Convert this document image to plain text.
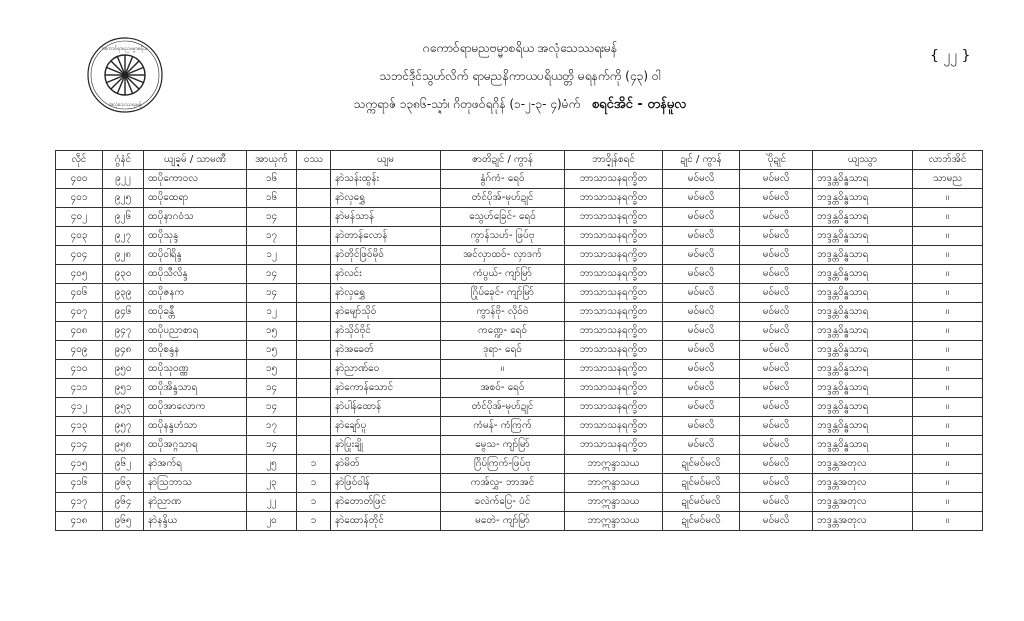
ဂကောဝ်ရာမညဗမ္မာစရိယ
အလုံသေဿရးမန်
ဂကောဝ်ရာမညဗမ္မာစရိယ အလုံသေဿရးမန်
သဘင်ဒဵုၚ်သွဟ်လိက် ရာမညနိကာယပရိယတ္တိ မရနက်ကို (၄၃) ဝါ
သက္ကရာဇ် ၁၃၈၆-သ္ဍာံ၊ ဂိတုဖဝ်ရဂိုန် (၁-၂-၃- ၄)မံက် စရင်အိင် - တန်မူလ
{ ၂၂ }
လဵုင်	ဂွံနံင်	ယျခ္ဍမ် / သာမဏီ	အာယုက်	ဝဿ	ယျမ	ဇာတိဍုင် / ကွာန်	ဘာဝ္ဍိုန်စရင်	ဍုင် / ကွာန်	ပိုဲဍုင်	ယျဿွာ	လာဘ်အိင်
၄၀၀	၉၂၂	ထပိုကောဝလ	၁၆		နာဲသန်းထွန်း	နွံဂ်ကံ- ရေဝ်	ဘာသာသနရက္ခိတ	မဝ်မလိ	မဝ်မလိ	ဘဒ္ဒန္တဝိန္ဓသာရ	သာမည
၄၀၁	၉၂၅	ထပိုထေရာ	၁၆		နာဲလှရွှေ	တံင်ပိုအ်-မုဟ်ဍုင်	ဘာသာသနရက္ခိတ	မဝ်မလိ	မဝ်မလိ	ဘဒ္ဒန္တဝိန္ဓသာရ	။
၄၀၂	၉၂၆	ထပိုနာဂဝံသ	၁၄		နာဲမန်သာန်	သွေဟ်ခြေင်- ရေဝ်	ဘာသာသနရက္ခိတ	မဝ်မလိ	မဝ်မလိ	ဘဒ္ဒန္တဝိန္ဓသာရ	။
၄၀၃	၉၂၇	ထပိုသုန္ဒ	၁၇		နာဲတာန်လောန်	ကွာန်သဟ်- ဖြပ်ဗု	ဘာသာသနရက္ခိတ	မဝ်မလိ	မဝ်မလိ	ဘဒ္ဒန္တဝိန္ဓသာရ	။
၄၀၄	၉၂၈	ထပိုဝါရိန္ဒ	၁၂		နာဲတိုင်ဖြဝ်မိုဝ်	အင်လှာထဝ်- လှာဒက်	ဘာသာသနရက္ခိတ	မဝ်မလိ	မဝ်မလိ	ဘဒ္ဒန္တဝိန္ဓသာရ	။
၄၀၅	၉၃၀	ထပိုသီလိန္ဒ	၁၄		နာဲလင်း	ကံပွယ်- ကျာ်မြာ်	ဘာသာသနရက္ခိတ	မဝ်မလိ	မဝ်မလိ	ဘဒ္ဒန္တဝိန္ဓသာရ	။
၄၀၆	၉၃၉	ထပိုဇနက	၁၄		နာဲလှရွှေ	ဂြိုပ်ခေုင်- ကျာ်မြာ်	ဘာသာသနရက္ခိတ	မဝ်မလိ	မဝ်မလိ	ဘဒ္ဒန္တဝိန္ဓသာရ	။
၄၀၇	၉၄၆	ထပိုခန္တီ	၁၂		နာဲမျော်သိုဝ်	ကွာန်ဗို- လိုဝ်ဗဲ	ဘာသာသနရက္ခိတ	မဝ်မလိ	မဝ်မလိ	ဘဒ္ဒန္တဝိန္ဓသာရ	။
၄၀၈	၉၄၇	ထပိုပညာစာရ	၁၅		နာဲသိုဝ်ဗိုင်	ကဏ္ဍေ- ရေဝ်	ဘာသာသနရက္ခိတ	မဝ်မလိ	မဝ်မလိ	ဘဒ္ဒန္တဝိန္ဓသာရ	။
၄၀၉	၉၄၈	ထပိုစန္ဒန	၁၅		နာဲအခေတ်	ဒုရာ- ရေဝ်	ဘာသာသနရက္ခိတ	မဝ်မလိ	မဝ်မလိ	ဘဒ္ဒန္တဝိန္ဓသာရ	။
၄၁၀	၉၅၀	ထပိုသုဝဏ္ဏ	၁၅		နာဲညာဏ်ဝေ	။	ဘာသာသနရက္ခိတ	မဝ်မလိ	မဝ်မလိ	ဘဒ္ဒန္တဝိန္ဓသာရ	။
၄၁၁	၉၅၁	ထပိုအိန္ဒသာရ	၁၄		နာဲကောန်သောင်	အစဝ်- ရေဝ်	ဘာသာသနရက္ခိတ	မဝ်မလိ	မဝ်မလိ	ဘဒ္ဒန္တဝိန္ဓသာရ	။
၄၁၂	၉၅၃	ထပိုအာလောက	၁၄		နာဲပါန်ထောန်	တံင်ပိုအ်-မုဟ်ဍုင်	ဘာသာသနရက္ခိတ	မဝ်မလိ	မဝ်မလိ	ဘဒ္ဒန္တဝိန္ဓသာရ	။
၄၁၃	၉၅၇	ထပိုနန္ဒဟံသာ	၁၇		နာဲချော်ပူ	ကံမန်- ကံကြက်	ဘာသာသနရက္ခိတ	မဝ်မလိ	မဝ်မလိ	ဘဒ္ဒန္တဝိန္ဓသာရ	။
၄၁၄	၉၅၈	ထပိုအဂ္ဂသာရ	၁၄		နာဲပြုးချို	မွေသ- ကျာ်မြာ်	ဘာသာသနရက္ခိတ	မဝ်မလိ	မဝ်မလိ	ဘဒ္ဒန္တဝိန္ဓသာရ	။
၄၁၅	၉၆၂	နာဲအက်ရ	၂၅	၁	နာဲမိတ်	ဂြိပ်ကြက်-ဖြပ်ဗု	ဘာဣန္ဒာသယ	ဍုင်မဝ်မလိ	မဝ်မလိ	ဘဒ္ဒန္တအတုလ	။
၄၁၆	၉၆၃	နာဲသြဘာသ	၂၃	၁	နာဲဖြဝ်ဝါန်	ကအ်လွှ- ဘာအင်	ဘာဣန္ဒာသယ	ဍုင်မဝ်မလိ	မဝ်မလိ	ဘဒ္ဒန္တအတုလ	။
၄၁၇	၉၆၄	နာဲညာဏ	၂၂	၁	နာဲတောတ်ဖြင်	ခလဲက်ပြေ- ပံင်	ဘာဣန္ဒာသယ	ဍုင်မဝ်မလိ	မဝ်မလိ	ဘဒ္ဒန္တအတုလ	။
၄၁၈	၉၆၅	နာဲနန္ဒိယ	၂၀	၁	နာဲထောန်တိုင်	မတေဲ- ကျာ်မြာ်	ဘာဣန္ဒာသယ	ဍုင်မဝ်မလိ	မဝ်မလိ	ဘဒ္ဒန္တအတုလ	။
